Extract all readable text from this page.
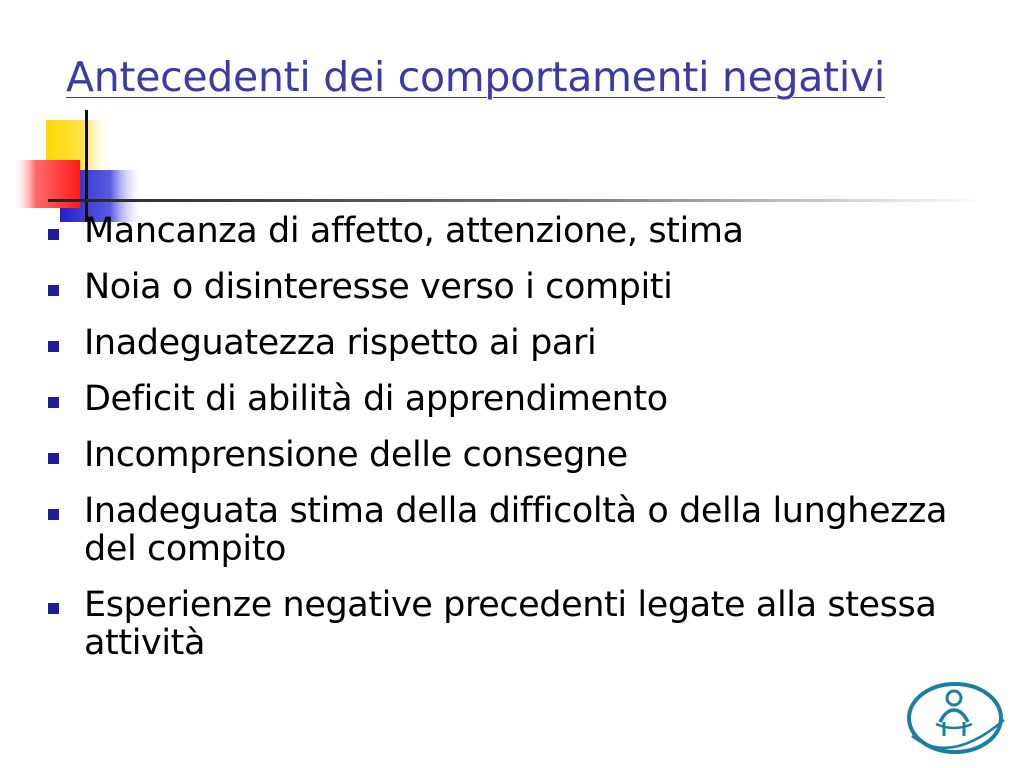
Antecedenti dei comportamenti negativi
Mancanza di affetto, attenzione, stima
Noia o disinteresse verso i compiti
Inadeguatezza rispetto ai pari
Deficit di abilità di apprendimento
Incomprensione delle consegne
Inadeguata stima della difficoltà o della lunghezza del compito
Esperienze negative precedenti legate alla stessa attività
